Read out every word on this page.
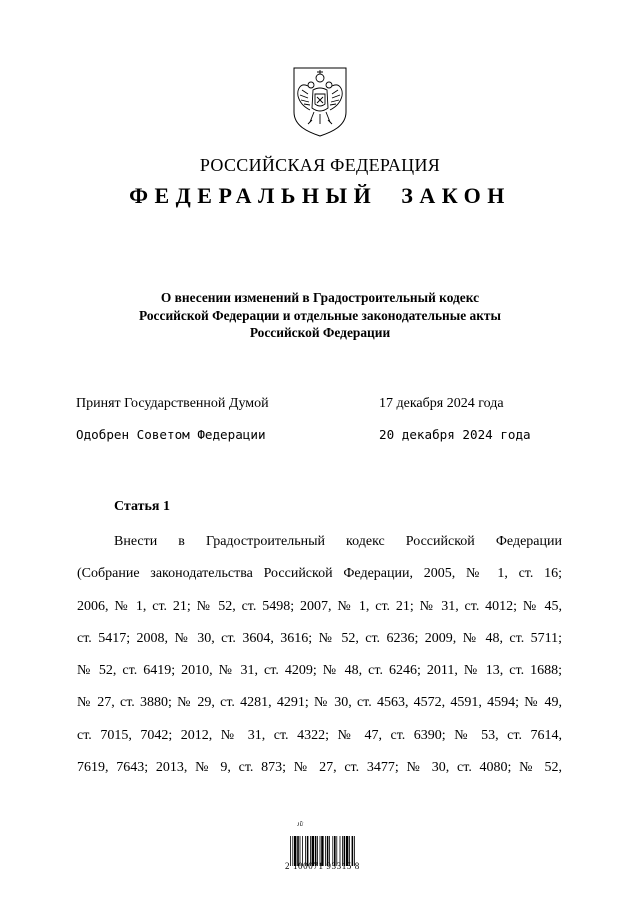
РОССИЙСКАЯ ФЕДЕРАЦИЯ
ФЕДЕРАЛЬНЫЙ ЗАКОН
О внесении изменений в Градостроительный кодекс
Российской Федерации и отдельные законодательные акты
Российской Федерации
Принят Государственной Думой	17 декабря 2024 года
Одобрен Советом Федерации	20 декабря 2024 года
Статья 1
Внести в Градостроительный кодекс Российской Федерации
(Собрание законодательства Российской Федерации, 2005, № 1, ст. 16;
2006, № 1, ст. 21; № 52, ст. 5498; 2007, № 1, ст. 21; № 31, ст. 4012; № 45,
ст. 5417; 2008, № 30, ст. 3604, 3616; № 52, ст. 6236; 2009, № 48, ст. 5711;
№ 52, ст. 6419; 2010, № 31, ст. 4209; № 48, ст. 6246; 2011, № 13, ст. 1688;
№ 27, ст. 3880; № 29, ст. 4281, 4291; № 30, ст. 4563, 4572, 4591, 4594; № 49,
ст. 7015, 7042; 2012, № 31, ст. 4322; № 47, ст. 6390; № 53, ст. 7614,
7619, 7643; 2013, № 9, ст. 873; № 27, ст. 3477; № 30, ст. 4080; № 52,
ᴊ̃ᴜ
2 100071 93315 8
